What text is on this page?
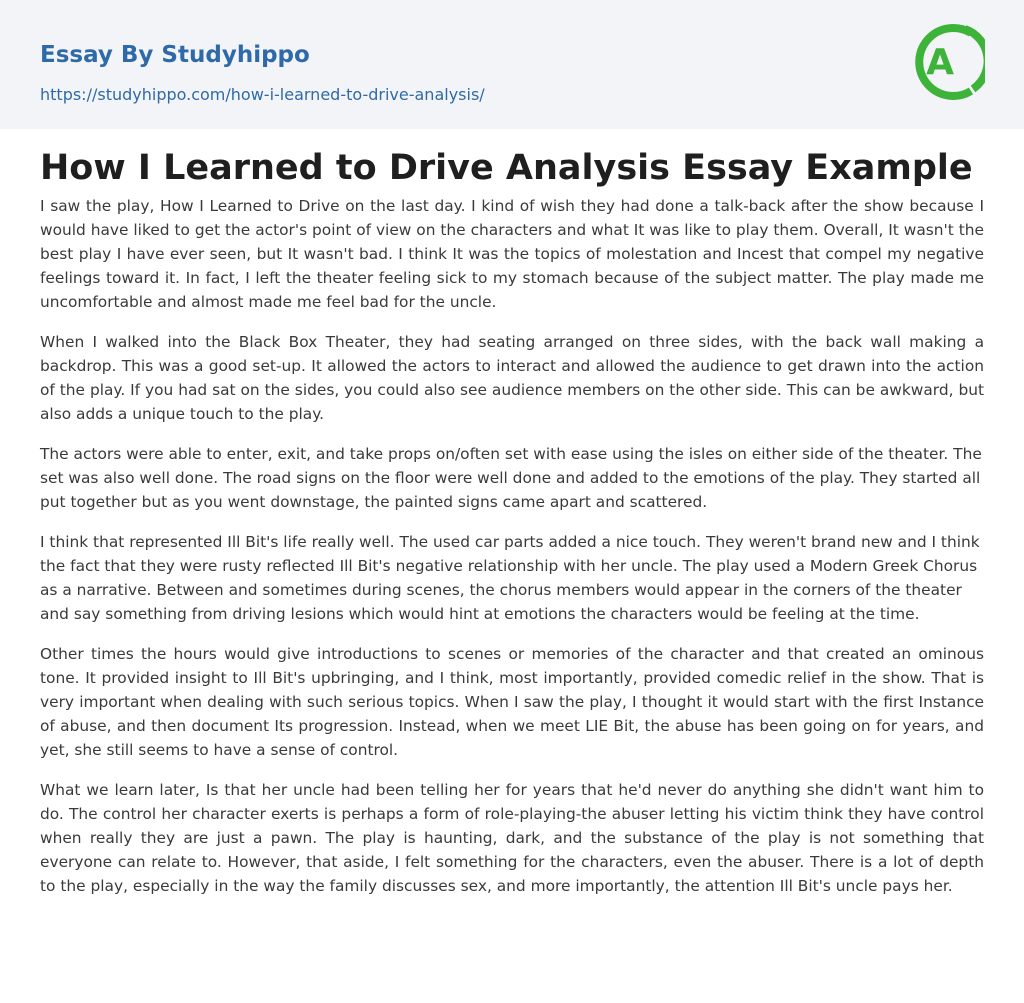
Essay By Studyhippo
https://studyhippo.com/how-i-learned-to-drive-analysis/
A
How I Learned to Drive Analysis Essay Example

I saw the play, How I Learned to Drive on the last day. I kind of wish they had done a talk-back after the show because I would have liked to get the actor's point of view on the characters and what It was like to play them. Overall, It wasn't the best play I have ever seen, but It wasn't bad. I think It was the topics of molestation and Incest that compel my negative feelings toward it. In fact, I left the theater feeling sick to my stomach because of the subject matter. The play made me uncomfortable and almost made me feel bad for the uncle.

When I walked into the Black Box Theater, they had seating arranged on three sides, with the back wall making a backdrop. This was a good set-up. It allowed the actors to interact and allowed the audience to get drawn into the action of the play. If you had sat on the sides, you could also see audience members on the other side. This can be awkward, but also adds a unique touch to the play.

The actors were able to enter, exit, and take props on/often set with ease using the isles on either side of the theater. The set was also well done. The road signs on the floor were well done and added to the emotions of the play. They started all put together but as you went downstage, the painted signs came apart and scattered.

I think that represented Ill Bit's life really well. The used car parts added a nice touch. They weren't brand new and I think the fact that they were rusty reflected Ill Bit's negative relationship with her uncle. The play used a Modern Greek Chorus as a narrative. Between and sometimes during scenes, the chorus members would appear in the corners of the theater and say something from driving lesions which would hint at emotions the characters would be feeling at the time.

Other times the hours would give introductions to scenes or memories of the character and that created an ominous tone. It provided insight to Ill Bit's upbringing, and I think, most importantly, provided comedic relief in the show. That is very important when dealing with such serious topics. When I saw the play, I thought it would start with the first Instance of abuse, and then document Its progression. Instead, when we meet LIE Bit, the abuse has been going on for years, and yet, she still seems to have a sense of control.

What we learn later, Is that her uncle had been telling her for years that he'd never do anything she didn't want him to do. The control her character exerts is perhaps a form of role-playing-the abuser letting his victim think they have control when really they are just a pawn. The play is haunting, dark, and the substance of the play is not something that everyone can relate to. However, that aside, I felt something for the characters, even the abuser. There is a lot of depth to the play, especially in the way the family discusses sex, and more importantly, the attention Ill Bit's uncle pays her.
